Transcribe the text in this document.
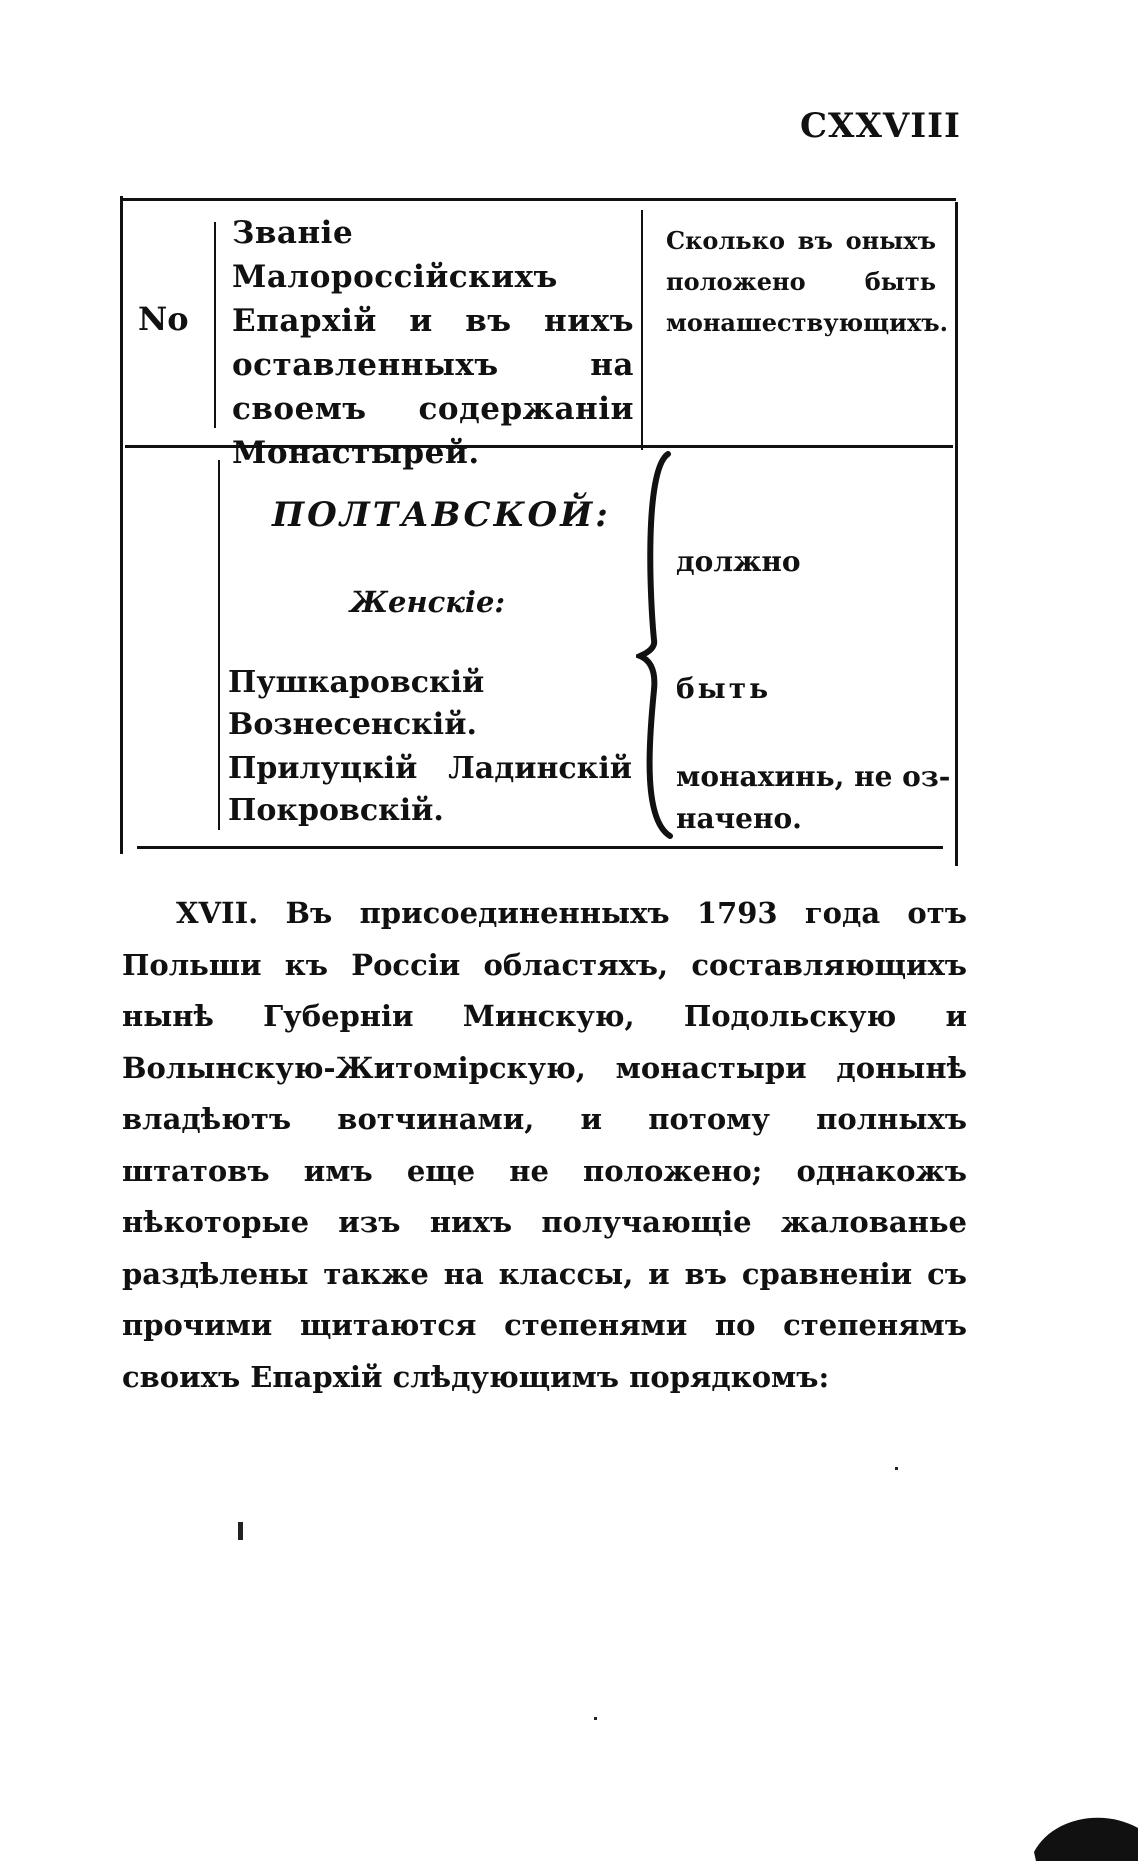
CXXVIII
No
Званіе Малороссійскихъ Епархій и въ нихъ оставленныхъ на своемъ содержаніи Монастырей.
Сколько въ оныхъ положено быть монашествующихъ.
ПОЛТАВСКОЙ:
Женскіе:
Пушкаровскій Вознесенскій.
Прилуцкій Ладинскій Покровскій.
должно
быть
монахинь, не оз-
начено.
XVII. Въ присоединенныхъ 1793 года отъ Польши къ Россіи областяхъ, составляющихъ нынѣ Губерніи Минскую, Подольскую и Волынскую-Житомірскую, монастыри донынѣ владѣютъ вотчинами, и потому полныхъ штатовъ имъ еще не положено; однакожъ нѣкоторые изъ нихъ получающіе жалованье раздѣлены также на классы, и въ сравненіи съ прочими щитаются степенями по степенямъ своихъ Епархій слѣдующимъ порядкомъ:
